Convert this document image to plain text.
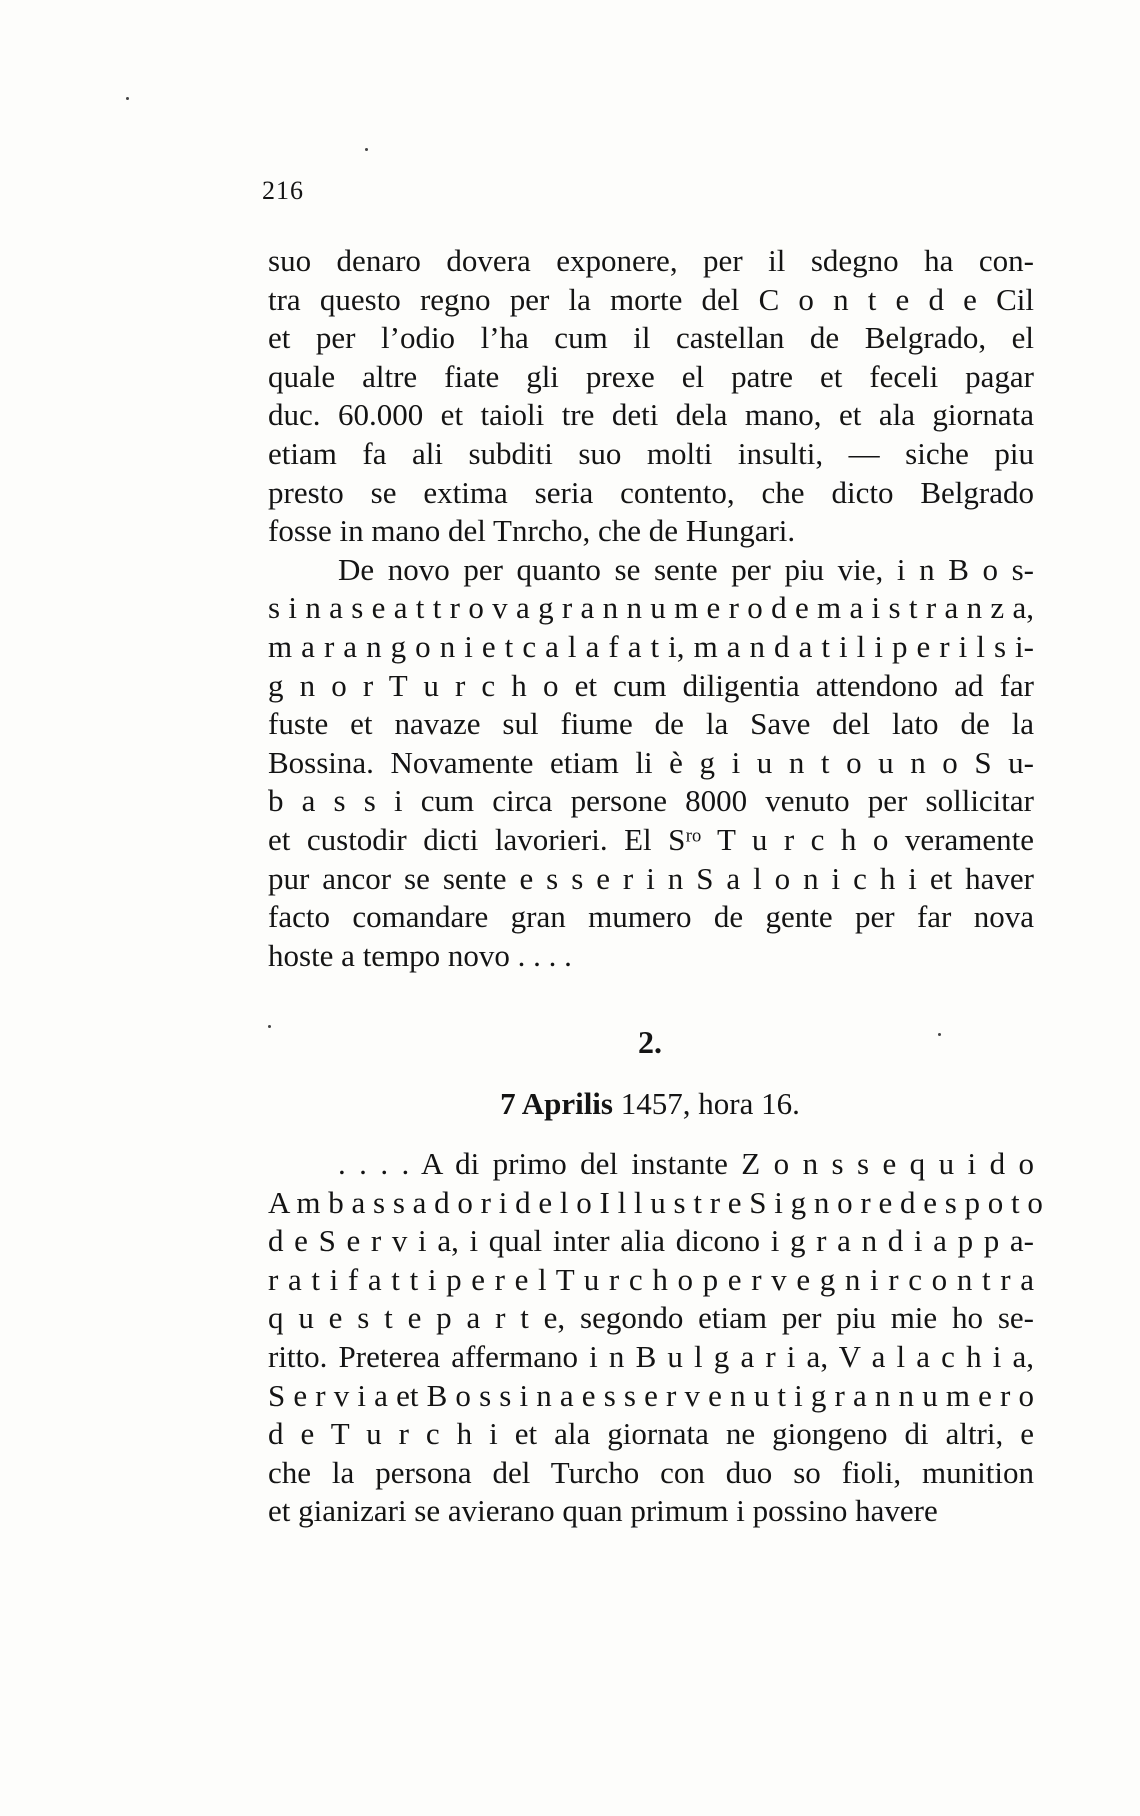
216
suo denaro dovera exponere, per il sdegno ha con-
tra questo regno per la morte del C o n t e d e Cil
et per l’odio l’ha cum il castellan de Belgrado, el
quale altre fiate gli prexe el patre et feceli pagar
duc. 60.000 et taioli tre deti dela mano, et ala giornata
etiam fa ali subditi suo molti insulti, — siche piu
presto se extima seria contento, che dicto Belgrado
fosse in mano del Tnrcho, che de Hungari.
De novo per quanto se sente per piu vie, i n B o s-
s i n a s e a t t r o v a g r a n n u m e r o d e m a i s t r a n z a,
m a r a n g o n i e t c a l a f a t i, m a n d a t i l i p e r i l s i-
g n o r T u r c h o et cum diligentia attendono ad far
fuste et navaze sul fiume de la Save del lato de la
Bossina. Novamente etiam li è g i u n t o u n o S u-
b a s s i cum circa persone 8000 venuto per sollicitar
et custodir dicti lavorieri. El Sʳᵒ T u r c h o veramente
pur ancor se sente e s s e r i n S a l o n i c h i et haver
facto comandare gran mumero de gente per far nova
hoste a tempo novo . . . .
2.
7 Aprilis 1457, hora 16.
. . . . A di primo del instante Z o n s s e q u i d o
A m b a s s a d o r i d e l o I l l u s t r e S i g n o r e d e s p o t o
d e S e r v i a, i qual inter alia dicono i g r a n d i a p p a-
r a t i f a t t i p e r e l T u r c h o p e r v e g n i r c o n t r a
q u e s t e p a r t e, segondo etiam per piu mie ho se-
ritto. Preterea affermano i n B u l g a r i a, V a l a c h i a,
S e r v i a et B o s s i n a e s s e r v e n u t i g r a n n u m e r o
d e T u r c h i et ala giornata ne giongeno di altri, e
che la persona del Turcho con duo so fioli, munition
et gianizari se avierano quan primum i possino havere
